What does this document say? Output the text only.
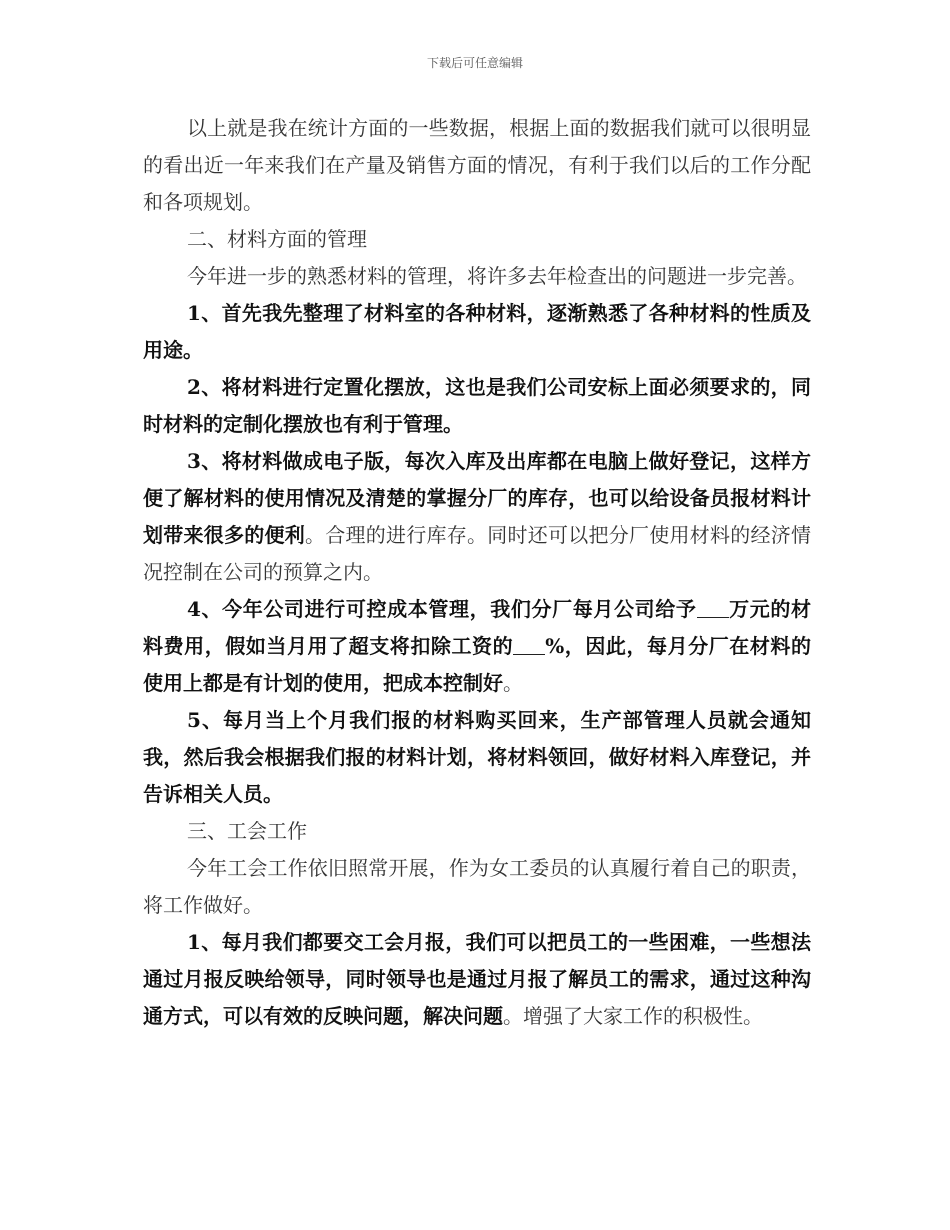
下载后可任意编辑

以上就是我在统计方面的一些数据，根据上面的数据我们就可以很明显的看出近一年来我们在产量及销售方面的情况，有利于我们以后的工作分配和各项规划。

二、材料方面的管理

今年进一步的熟悉材料的管理，将许多去年检查出的问题进一步完善。

1、首先我先整理了材料室的各种材料，逐渐熟悉了各种材料的性质及用途。

2、将材料进行定置化摆放，这也是我们公司安标上面必须要求的，同时材料的定制化摆放也有利于管理。

3、将材料做成电子版，每次入库及出库都在电脑上做好登记，这样方便了解材料的使用情况及清楚的掌握分厂的库存，也可以给设备员报材料计划带来很多的便利。合理的进行库存。同时还可以把分厂使用材料的经济情况控制在公司的预算之内。

4、今年公司进行可控成本管理，我们分厂每月公司给予 万元的材料费用，假如当月用了超支将扣除工资的 %，因此，每月分厂在材料的使用上都是有计划的使用，把成本控制好。

5、每月当上个月我们报的材料购买回来，生产部管理人员就会通知我，然后我会根据我们报的材料计划，将材料领回，做好材料入库登记，并告诉相关人员。

三、工会工作

今年工会工作依旧照常开展，作为女工委员的认真履行着自己的职责，将工作做好。

1、每月我们都要交工会月报，我们可以把员工的一些困难，一些想法通过月报反映给领导，同时领导也是通过月报了解员工的需求，通过这种沟通方式，可以有效的反映问题，解决问题。增强了大家工作的积极性。
